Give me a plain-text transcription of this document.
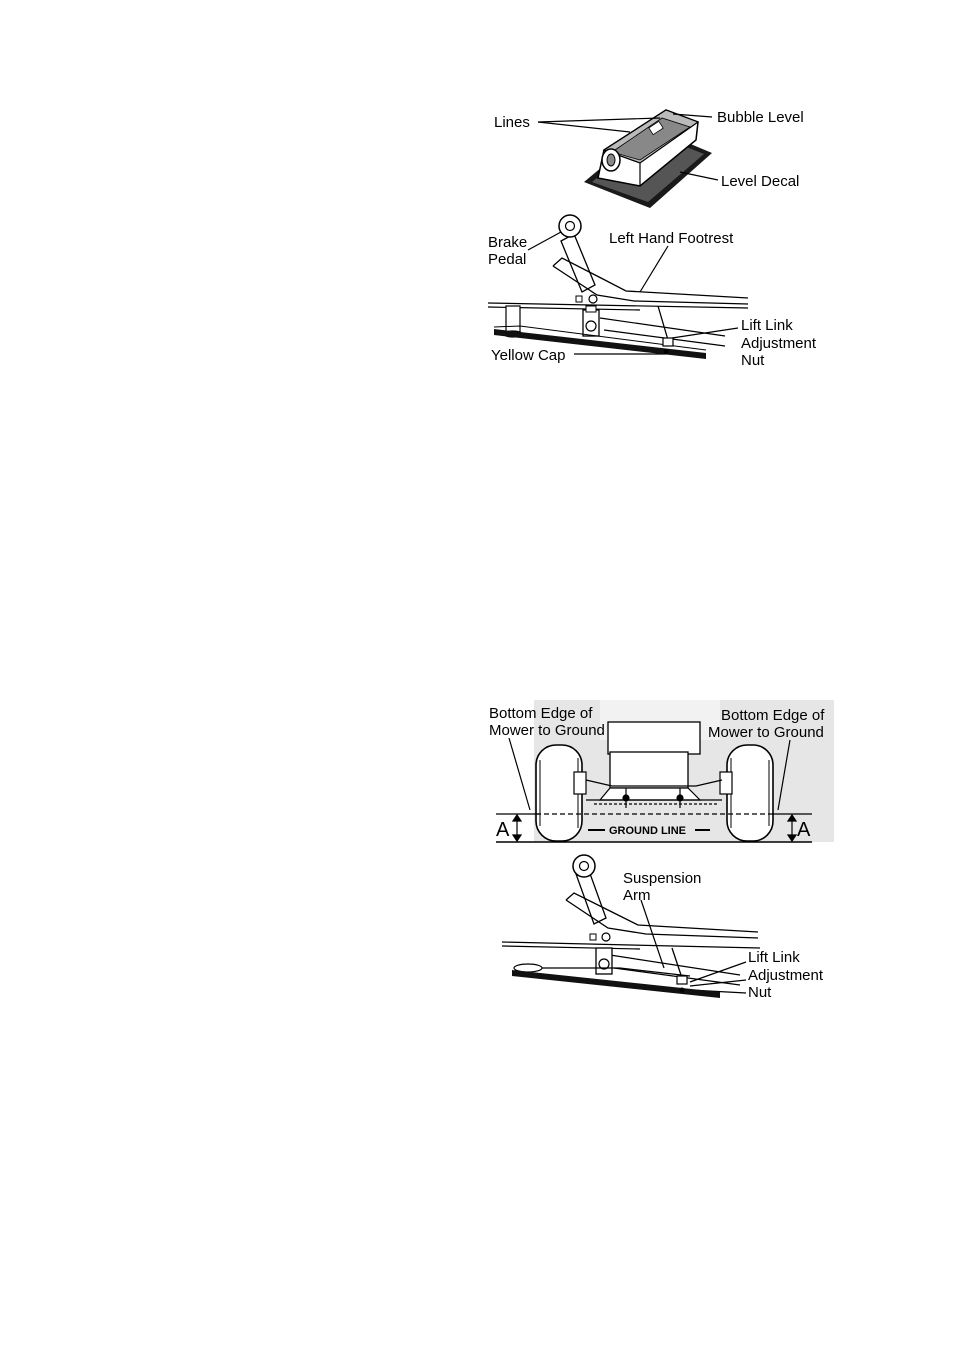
Lines	Bubble Level
Level Decal
Brake
Pedal
Left Hand Footrest
Lift Link
Adjustment
Nut
Yellow Cap
Bottom Edge of
Mower to Ground
Bottom Edge of
Mower to Ground
A	A
GROUND LINE
Suspension
Arm
Lift Link
Adjustment
Nut
